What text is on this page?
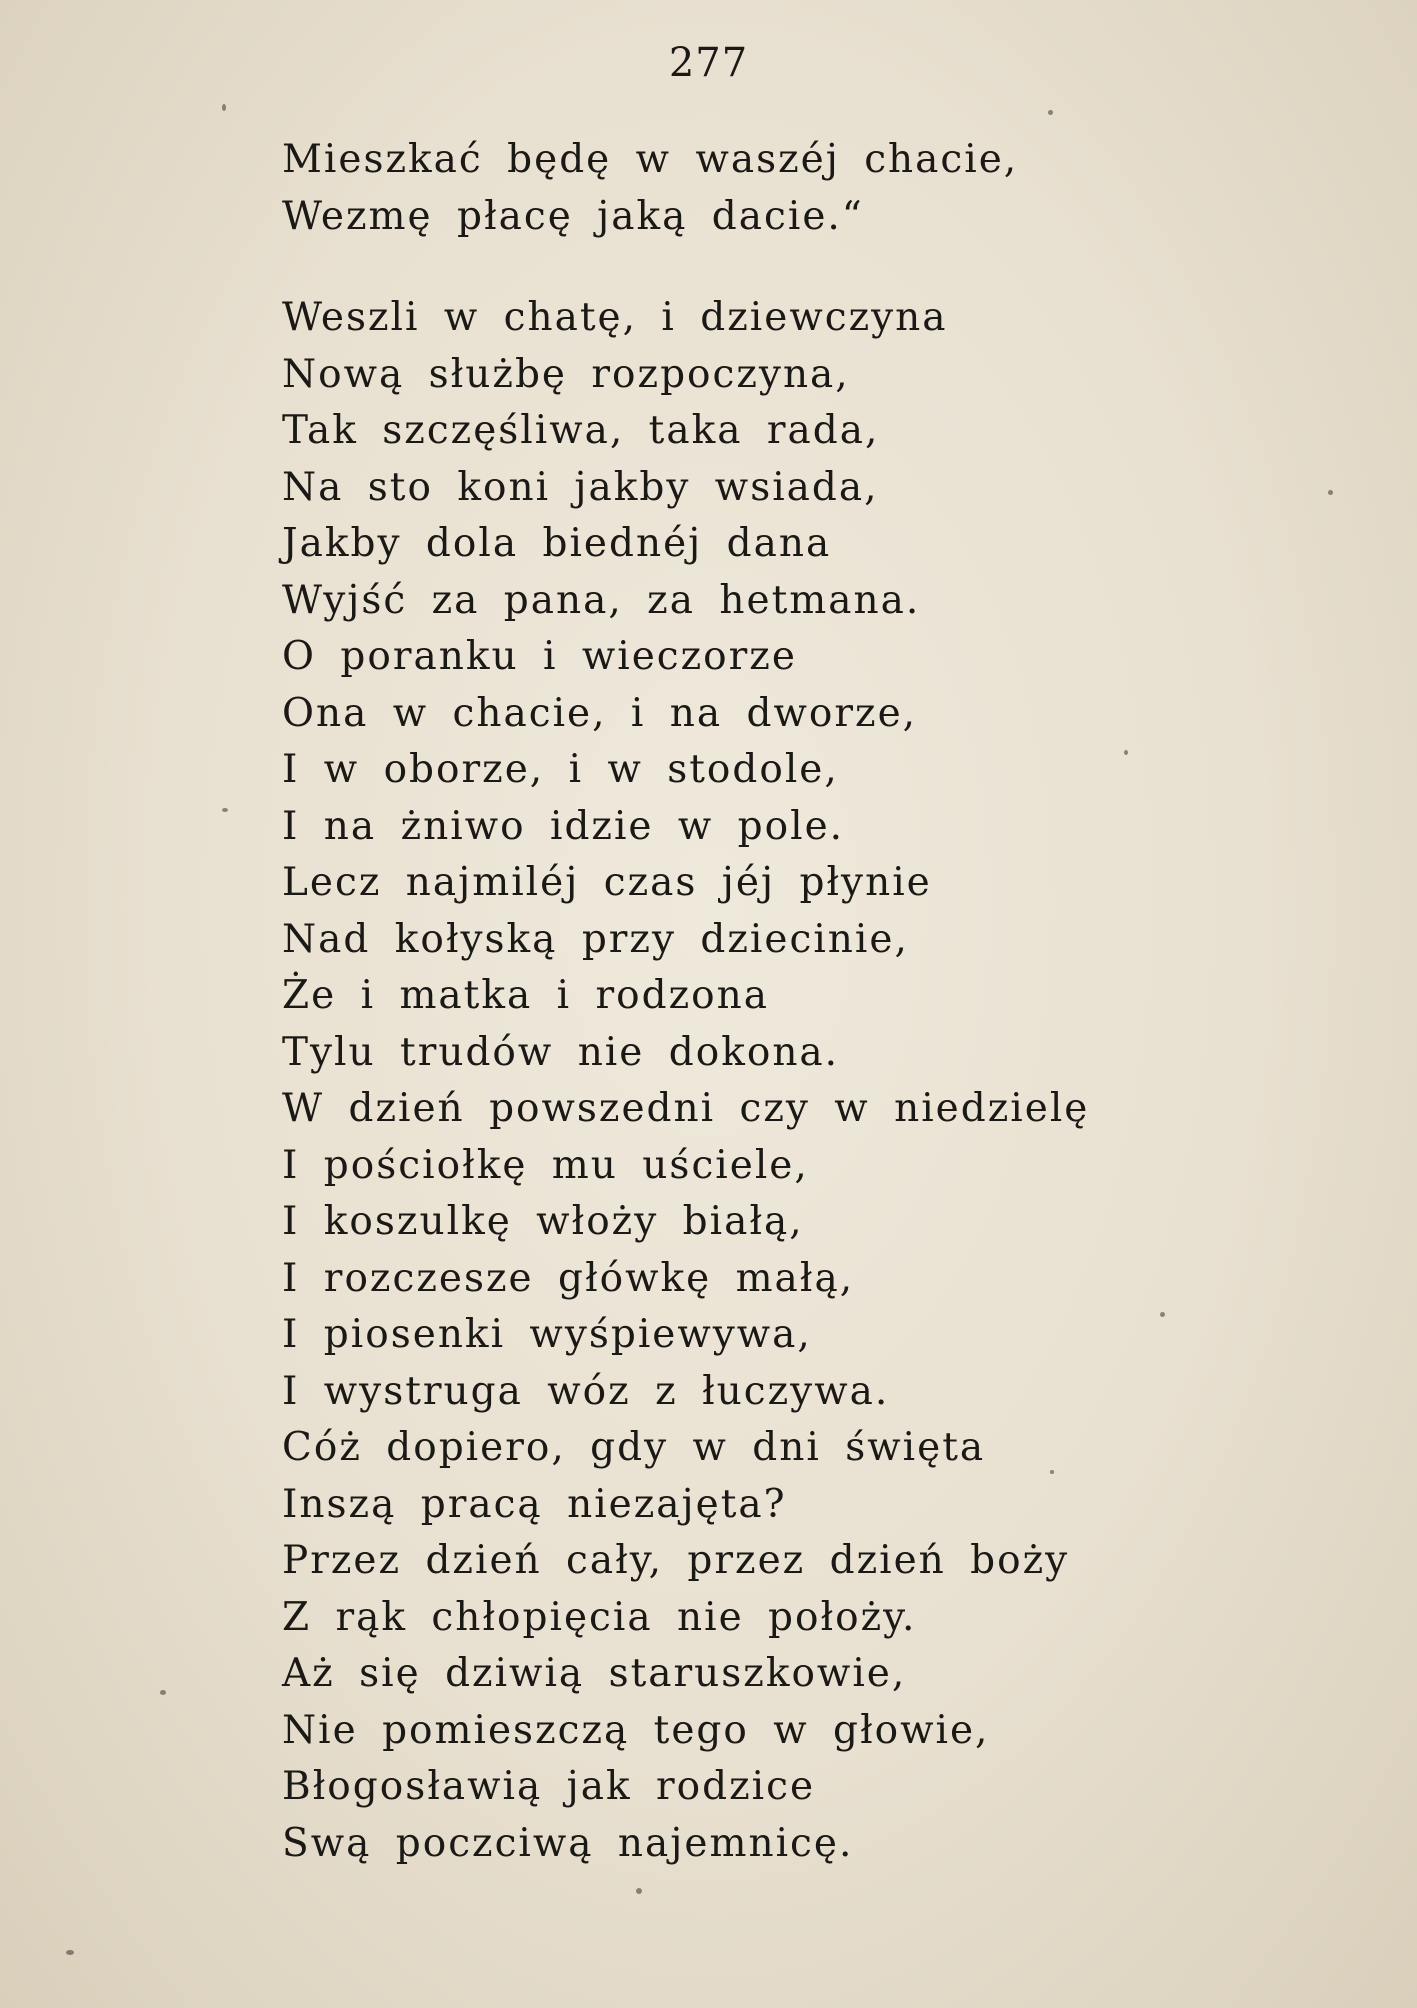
277
Mieszkać będę w waszéj chacie,
Wezmę płacę jaką dacie.“
Weszli w chatę, i dziewczyna
Nową służbę rozpoczyna,
Tak szczęśliwa, taka rada,
Na sto koni jakby wsiada,
Jakby dola biednéj dana
Wyjść za pana, za hetmana.
O poranku i wieczorze
Ona w chacie, i na dworze,
I w oborze, i w stodole,
I na żniwo idzie w pole.
Lecz najmiléj czas jéj płynie
Nad kołyską przy dziecinie,
Że i matka i rodzona
Tylu trudów nie dokona.
W dzień powszedni czy w niedzielę
I pościołkę mu uściele,
I koszulkę włoży białą,
I rozczesze główkę małą,
I piosenki wyśpiewywa,
I wystruga wóz z łuczywa.
Cóż dopiero, gdy w dni święta
Inszą pracą niezajęta?
Przez dzień cały, przez dzień boży
Z rąk chłopięcia nie położy.
Aż się dziwią staruszkowie,
Nie pomieszczą tego w głowie,
Błogosławią jak rodzice
Swą poczciwą najemnicę.
